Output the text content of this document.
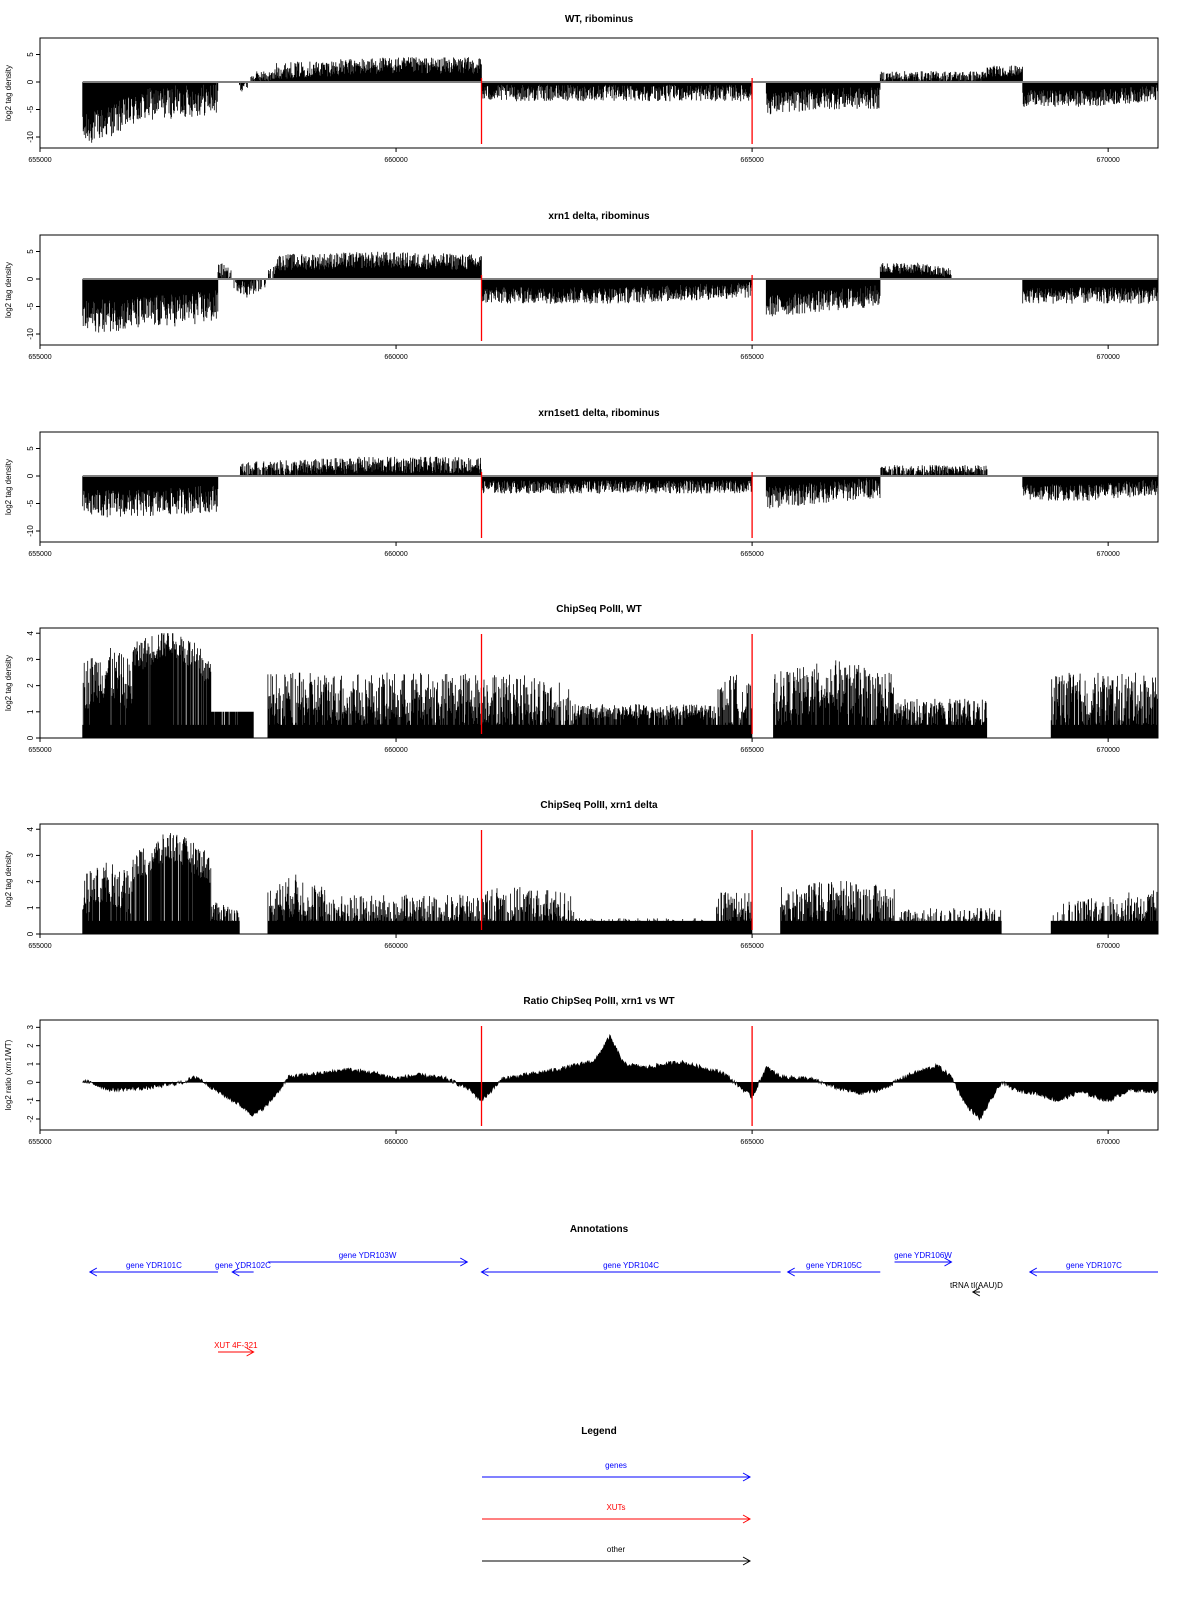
WT, ribominus
log2 tag density
5
0
-5
-10
655000	660000	665000	670000
xrn1 delta, ribominus
log2 tag density
5
0
-5
-10
655000	660000	665000	670000
xrn1set1 delta, ribominus
log2 tag density
5
0
-5
-10
655000	660000	665000	670000
ChipSeq PolII, WT
log2 tag density
0
1
2
3
4
655000	660000	665000	670000
ChipSeq PolII, xrn1 delta
log2 tag density
0
1
2
3
4
655000	660000	665000	670000
Ratio ChipSeq PolII, xrn1 vs WT
log2 ratio (xrn1/WT)
3
2
1
0
-1
-2
655000	660000	665000	670000
Annotations
gene YDR101C	gene YDR102C
gene YDR103W
gene YDR104C	gene YDR105C
gene YDR106W
tRNA tI(AAU)D
gene YDR107C
XUT 4F-321
Legend
genes
XUTs
other
